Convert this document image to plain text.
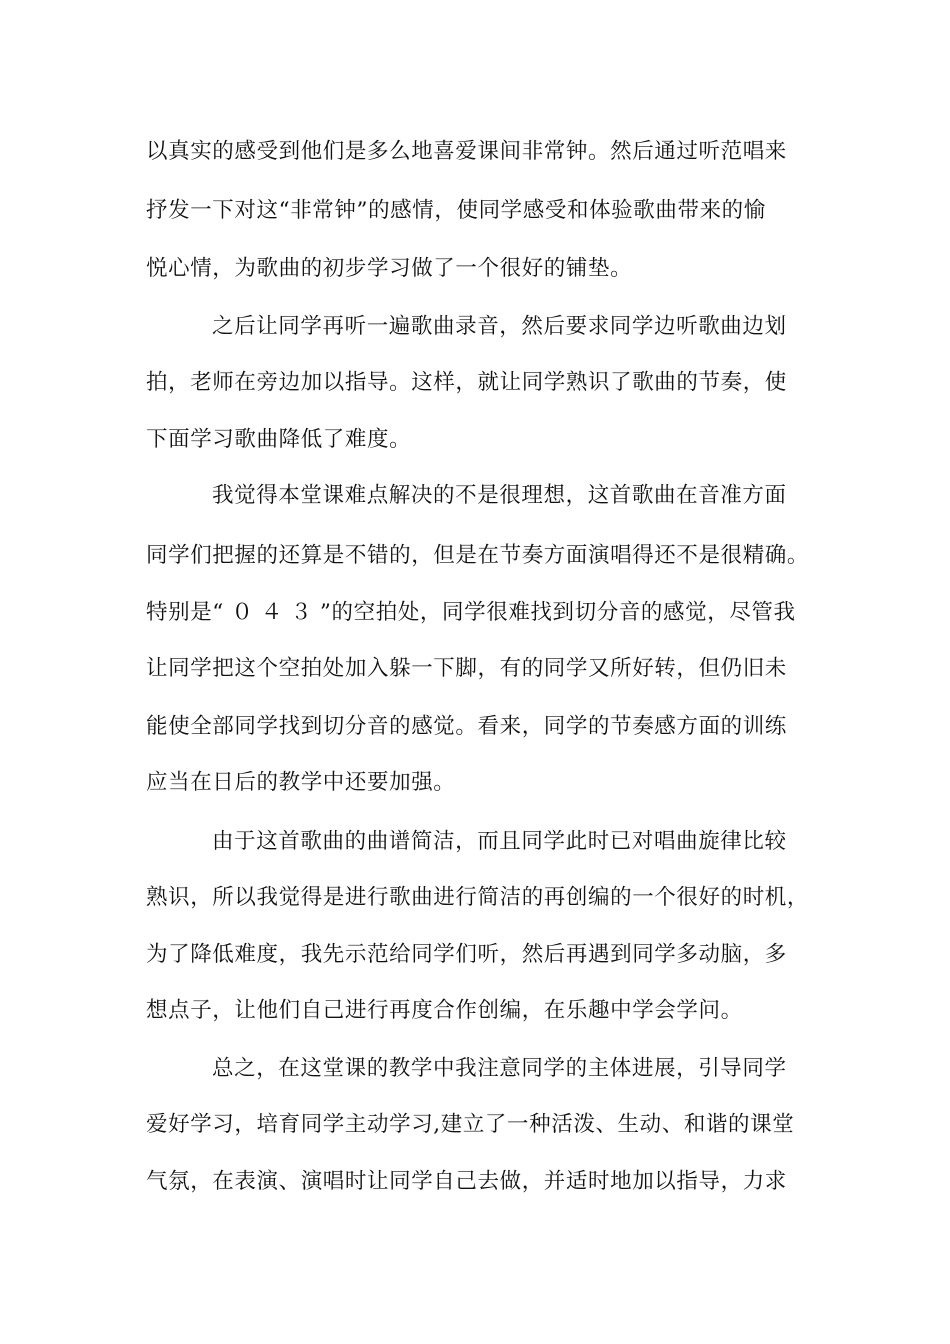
以真实的感受到他们是多么地喜爱课间非常钟。然后通过听范唱来
抒发一下对这“非常钟”的感情，使同学感受和体验歌曲带来的愉
悦心情，为歌曲的初步学习做了一个很好的铺垫。
之后让同学再听一遍歌曲录音，然后要求同学边听歌曲边划
拍，老师在旁边加以指导。这样，就让同学熟识了歌曲的节奏，使
下面学习歌曲降低了难度。
我觉得本堂课难点解决的不是很理想，这首歌曲在音准方面
同学们把握的还算是不错的，但是在节奏方面演唱得还不是很精确。
特别是“ ０ ４ ３ ”的空拍处，同学很难找到切分音的感觉，尽管我
让同学把这个空拍处加入躲一下脚，有的同学又所好转，但仍旧未
能使全部同学找到切分音的感觉。看来，同学的节奏感方面的训练
应当在日后的教学中还要加强。
由于这首歌曲的曲谱简洁，而且同学此时已对唱曲旋律比较
熟识，所以我觉得是进行歌曲进行简洁的再创编的一个很好的时机，
为了降低难度，我先示范给同学们听，然后再遇到同学多动脑，多
想点子，让他们自己进行再度合作创编，在乐趣中学会学问。
总之，在这堂课的教学中我注意同学的主体进展，引导同学
爱好学习，培育同学主动学习,建立了一种活泼、生动、和谐的课堂
气氛，在表演、演唱时让同学自己去做，并适时地加以指导，力求
